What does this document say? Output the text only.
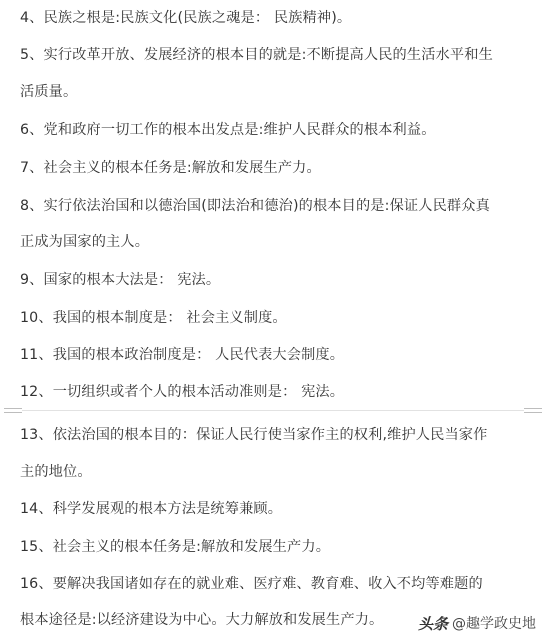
4、民族之根是:民族文化(民族之魂是： 民族精神)。
5、实行改革开放、发展经济的根本目的就是:不断提高人民的生活水平和生
活质量。
6、党和政府一切工作的根本出发点是:维护人民群众的根本利益。
7、社会主义的根本任务是:解放和发展生产力。
8、实行依法治国和以德治国(即法治和德治)的根本目的是:保证人民群众真
正成为国家的主人。
9、国家的根本大法是： 宪法。
10、我国的根本制度是： 社会主义制度。
11、我国的根本政治制度是： 人民代表大会制度。
12、一切组织或者个人的根本活动准则是： 宪法。
13、依法治国的根本目的：保证人民行使当家作主的权利,维护人民当家作
主的地位。
14、科学发展观的根本方法是统筹兼顾。
15、社会主义的根本任务是:解放和发展生产力。
16、要解决我国诸如存在的就业难、医疗难、教育难、收入不均等难题的
根本途径是:以经济建设为中心。大力解放和发展生产力。 头条 @趣学政史地
